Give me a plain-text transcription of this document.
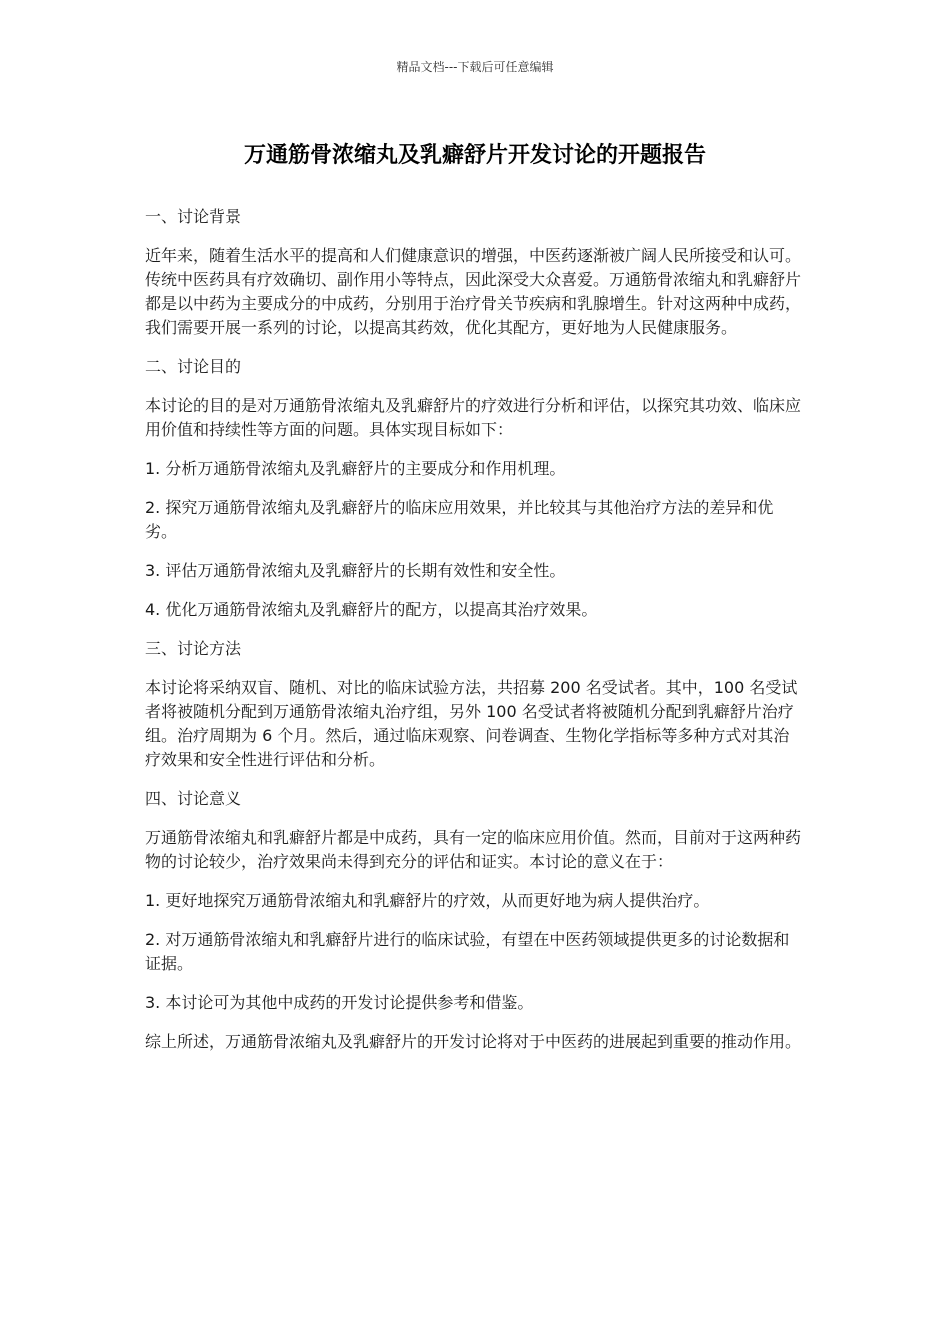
精品文档---下载后可任意编辑
万通筋骨浓缩丸及乳癖舒片开发讨论的开题报告

一、讨论背景

近年来，随着生活水平的提高和人们健康意识的增强，中医药逐渐被广阔人民所接受和认可。传统中医药具有疗效确切、副作用小等特点，因此深受大众喜爱。万通筋骨浓缩丸和乳癖舒片都是以中药为主要成分的中成药，分别用于治疗骨关节疾病和乳腺增生。针对这两种中成药，我们需要开展一系列的讨论，以提高其药效，优化其配方，更好地为人民健康服务。

二、讨论目的

本讨论的目的是对万通筋骨浓缩丸及乳癖舒片的疗效进行分析和评估，以探究其功效、临床应用价值和持续性等方面的问题。具体实现目标如下：

1. 分析万通筋骨浓缩丸及乳癖舒片的主要成分和作用机理。

2. 探究万通筋骨浓缩丸及乳癖舒片的临床应用效果，并比较其与其他治疗方法的差异和优劣。

3. 评估万通筋骨浓缩丸及乳癖舒片的长期有效性和安全性。

4. 优化万通筋骨浓缩丸及乳癖舒片的配方，以提高其治疗效果。

三、讨论方法

本讨论将采纳双盲、随机、对比的临床试验方法，共招募 200 名受试者。其中，100 名受试者将被随机分配到万通筋骨浓缩丸治疗组，另外 100 名受试者将被随机分配到乳癖舒片治疗组。治疗周期为 6 个月。然后，通过临床观察、问卷调查、生物化学指标等多种方式对其治疗效果和安全性进行评估和分析。

四、讨论意义

万通筋骨浓缩丸和乳癖舒片都是中成药，具有一定的临床应用价值。然而，目前对于这两种药物的讨论较少，治疗效果尚未得到充分的评估和证实。本讨论的意义在于：

1. 更好地探究万通筋骨浓缩丸和乳癖舒片的疗效，从而更好地为病人提供治疗。

2. 对万通筋骨浓缩丸和乳癖舒片进行的临床试验，有望在中医药领域提供更多的讨论数据和证据。

3. 本讨论可为其他中成药的开发讨论提供参考和借鉴。

综上所述，万通筋骨浓缩丸及乳癖舒片的开发讨论将对于中医药的进展起到重要的推动作用。
